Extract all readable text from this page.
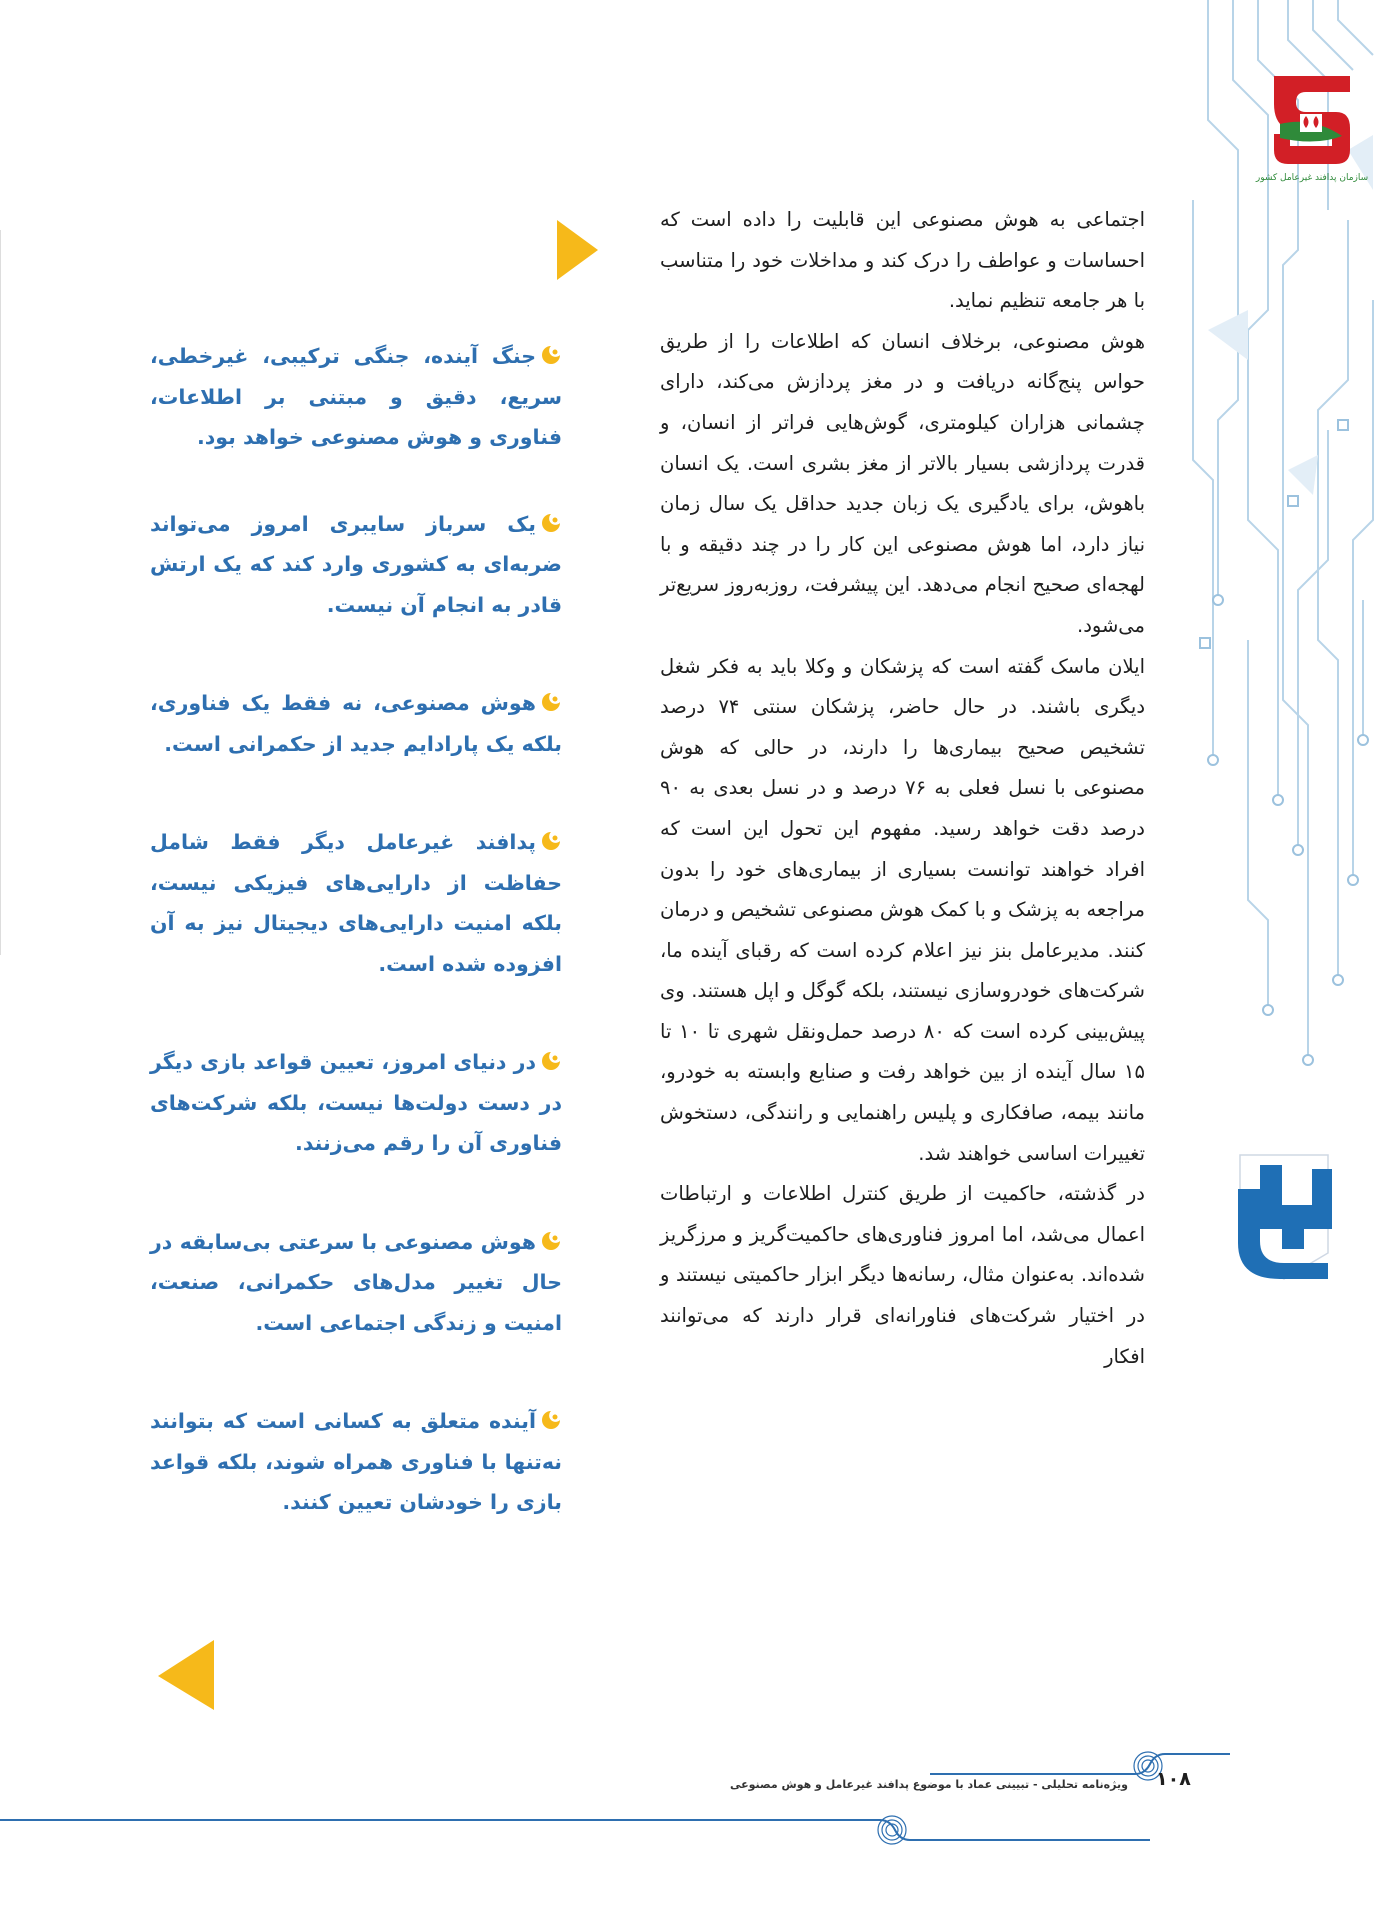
سازمان پدافند غیرعامل کشور

اجتماعی به هوش مصنوعی این قابلیت را داده است که احساسات و عواطف را درک کند و مداخلات خود را متناسب با هر جامعه تنظیم نماید.

هوش مصنوعی، برخلاف انسان که اطلاعات را از طریق حواس پنج‌گانه دریافت و در مغز پردازش می‌کند، دارای چشمانی هزاران کیلومتری، گوش‌هایی فراتر از انسان، و قدرت پردازشی بسیار بالاتر از مغز بشری است. یک انسان باهوش، برای یادگیری یک زبان جدید حداقل یک سال زمان نیاز دارد، اما هوش مصنوعی این کار را در چند دقیقه و با لهجه‌ای صحیح انجام می‌دهد. این پیشرفت، روزبه‌روز سریع‌تر می‌شود.

ایلان ماسک گفته است که پزشکان و وکلا باید به فکر شغل دیگری باشند. در حال حاضر، پزشکان سنتی ۷۴ درصد تشخیص صحیح بیماری‌ها را دارند، در حالی که هوش مصنوعی با نسل فعلی به ۷۶ درصد و در نسل بعدی به ۹۰ درصد دقت خواهد رسید. مفهوم این تحول این است که افراد خواهند توانست بسیاری از بیماری‌های خود را بدون مراجعه به پزشک و با کمک هوش مصنوعی تشخیص و درمان کنند. مدیرعامل بنز نیز اعلام کرده است که رقبای آینده ما، شرکت‌های خودروسازی نیستند، بلکه گوگل و اپل هستند. وی پیش‌بینی کرده است که ۸۰ درصد حمل‌ونقل شهری تا ۱۰ تا ۱۵ سال آینده از بین خواهد رفت و صنایع وابسته به خودرو، مانند بیمه، صافکاری و پلیس راهنمایی و رانندگی، دستخوش تغییرات اساسی خواهند شد.

در گذشته، حاکمیت از طریق کنترل اطلاعات و ارتباطات اعمال می‌شد، اما امروز فناوری‌های حاکمیت‌گریز و مرزگریز شده‌اند. به‌عنوان مثال، رسانه‌ها دیگر ابزار حاکمیتی نیستند و در اختیار شرکت‌های فناورانه‌ای قرار دارند که می‌توانند افکار

جنگ آینده، جنگی ترکیبی، غیرخطی، سریع، دقیق و مبتنی بر اطلاعات، فناوری و هوش مصنوعی خواهد بود.
یک سرباز سایبری امروز می‌تواند ضربه‌ای به کشوری وارد کند که یک ارتش قادر به انجام آن نیست.
هوش مصنوعی، نه فقط یک فناوری، بلکه یک پارادایم جدید از حکمرانی است.
پدافند غیرعامل دیگر فقط شامل حفاظت از دارایی‌های فیزیکی نیست، بلکه امنیت دارایی‌های دیجیتال نیز به آن افزوده شده است.
در دنیای امروز، تعیین قواعد بازی دیگر در دست دولت‌ها نیست، بلکه شرکت‌های فناوری آن را رقم می‌زنند.
هوش مصنوعی با سرعتی بی‌سابقه در حال تغییر مدل‌های حکمرانی، صنعت، امنیت و زندگی اجتماعی است.
آینده متعلق به کسانی است که بتوانند نه‌تنها با فناوری همراه شوند، بلکه قواعد بازی را خودشان تعیین کنند.
ویژه‌نامه تحلیلی - تبیینی عماد با موضوع پدافند غیرعامل و هوش مصنوعی ۱۰۸
